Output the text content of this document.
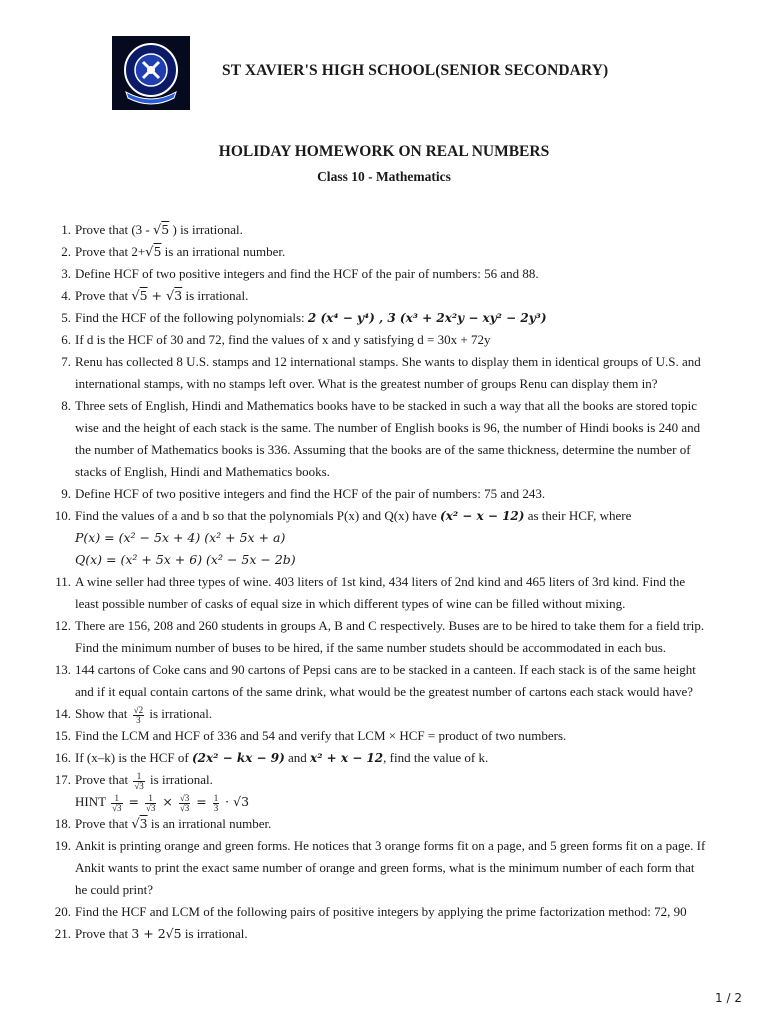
ST XAVIER'S HIGH SCHOOL(SENIOR SECONDARY)
HOLIDAY HOMEWORK ON REAL NUMBERS
Class 10 - Mathematics
1. Prove that (3 - √5 ) is irrational.
2. Prove that 2+√5 is an irrational number.
3. Define HCF of two positive integers and find the HCF of the pair of numbers: 56 and 88.
4. Prove that √5 + √3 is irrational.
5. Find the HCF of the following polynomials: 2 (x⁴ − y⁴) , 3 (x³ + 2x²y − xy² − 2y³)
6. If d is the HCF of 30 and 72, find the values of x and y satisfying d = 30x + 72y
7. Renu has collected 8 U.S. stamps and 12 international stamps. She wants to display them in identical groups of U.S. and
international stamps, with no stamps left over. What is the greatest number of groups Renu can display them in?
8. Three sets of English, Hindi and Mathematics books have to be stacked in such a way that all the books are stored topic
wise and the height of each stack is the same. The number of English books is 96, the number of Hindi books is 240 and
the number of Mathematics books is 336. Assuming that the books are of the same thickness, determine the number of
stacks of English, Hindi and Mathematics books.
9. Define HCF of two positive integers and find the HCF of the pair of numbers: 75 and 243.
10. Find the values of a and b so that the polynomials P(x) and Q(x) have (x² − x − 12) as their HCF, where
P(x) = (x² − 5x + 4) (x² + 5x + a)
Q(x) = (x² + 5x + 6) (x² − 5x − 2b)
11. A wine seller had three types of wine. 403 liters of 1st kind, 434 liters of 2nd kind and 465 liters of 3rd kind. Find the
least possible number of casks of equal size in which different types of wine can be filled without mixing.
12. There are 156, 208 and 260 students in groups A, B and C respectively. Buses are to be hired to take them for a field trip.
Find the minimum number of buses to be hired, if the same number studets should be accommodated in each bus.
13. 144 cartons of Coke cans and 90 cartons of Pepsi cans are to be stacked in a canteen. If each stack is of the same height
and if it equal contain cartons of the same drink, what would be the greatest number of cartons each stack would have?
14. Show that $\frac{√2}{3}$ is irrational.
15. Find the LCM and HCF of 336 and 54 and verify that LCM × HCF = product of two numbers.
16. If (x–k) is the HCF of (2x² − kx − 9) and x² + x − 12, find the value of k.
17. Prove that $\frac{1}{√3}$ is irrational.
HINT $\frac{1}{√3} = \frac{1}{√3} \times \frac{√3}{√3} = \frac{1}{3} \cdot √3$
18. Prove that √3 is an irrational number.
19. Ankit is printing orange and green forms. He notices that 3 orange forms fit on a page, and 5 green forms fit on a page. If
Ankit wants to print the exact same number of orange and green forms, what is the minimum number of each form that
he could print?
20. Find the HCF and LCM of the following pairs of positive integers by applying the prime factorization method: 72, 90
21. Prove that 3 + 2√5 is irrational.
1 / 2
